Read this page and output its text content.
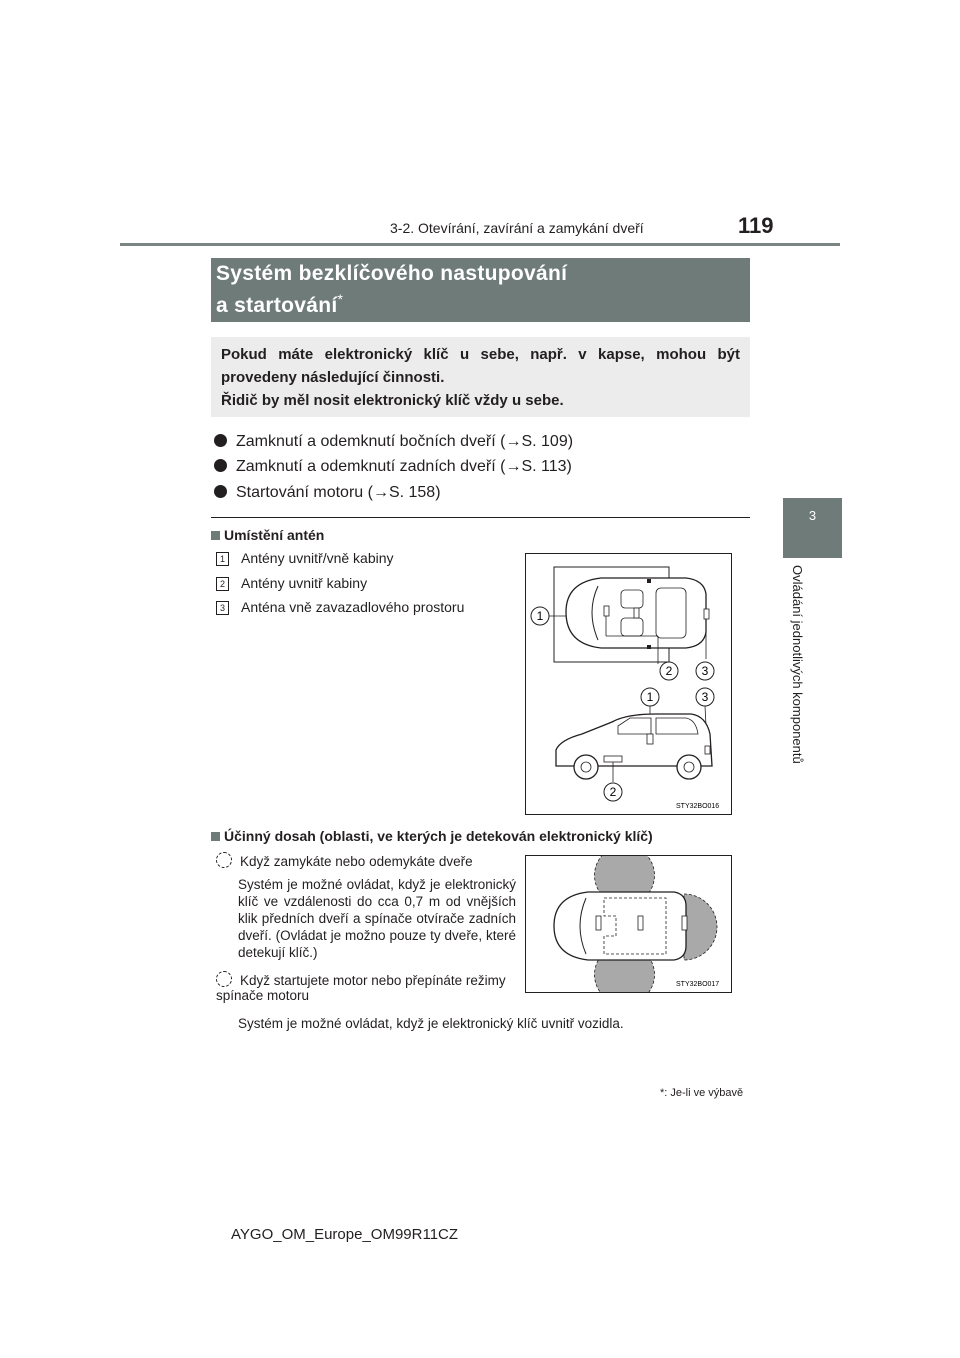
3-2. Otevírání, zavírání a zamykání dveří	119
3
Ovládání jednotlivých komponentů
Systém bezklíčového nastupování
a startování*
Pokud máte elektronický klíč u sebe, např. v kapse, mohou být
provedeny následující činnosti.
Řidič by měl nosit elektronický klíč vždy u sebe.
Zamknutí a odemknutí bočních dveří (→S. 109)
Zamknutí a odemknutí zadních dveří (→S. 113)
Startování motoru (→S. 158)
Umístění antén
1 Antény uvnitř/vně kabiny
2 Antény uvnitř kabiny
3 Anténa vně zavazadlového prostoru
1
2 3
1	3
2
STY32BO016
Účinný dosah (oblasti, ve kterých je detekován elektronický klíč)
Když zamykáte nebo odemykáte dveře
Systém je možné ovládat, když je elektronický klíč ve vzdálenosti do cca 0,7 m od vnějších klik předních dveří a spínače otvírače zadních dveří. (Ovládat je možno pouze ty dveře, které detekují klíč.)
Když startujete motor nebo přepínáte režimy spínače motoru
Systém je možné ovládat, když je elektronický klíč uvnitř vozidla.
STY32BO017
*: Je-li ve výbavě
AYGO_OM_Europe_OM99R11CZ
